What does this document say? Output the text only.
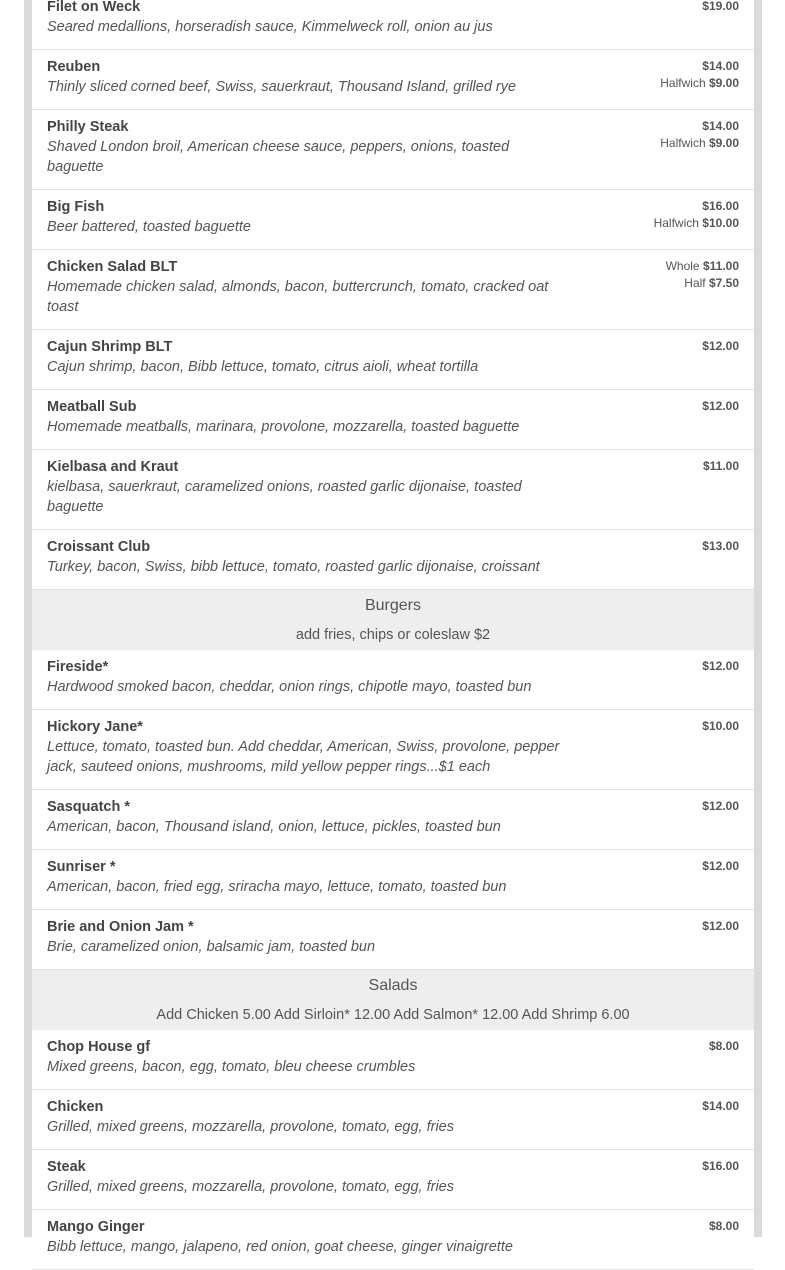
Filet on Weck
Seared medallions, horseradish sauce, Kimmelweck roll, onion au jus
$19.00
Reuben
Thinly sliced corned beef, Swiss, sauerkraut, Thousand Island, grilled rye
$14.00
Halfwich $9.00
Philly Steak
Shaved London broil, American cheese sauce, peppers, onions, toasted baguette
$14.00
Halfwich $9.00
Big Fish
Beer battered, toasted baguette
$16.00
Halfwich $10.00
Chicken Salad BLT
Homemade chicken salad, almonds, bacon, buttercrunch, tomato, cracked oat toast
Whole $11.00
Half $7.50
Cajun Shrimp BLT
Cajun shrimp, bacon, Bibb lettuce, tomato, citrus aioli, wheat tortilla
$12.00
Meatball Sub
Homemade meatballs, marinara, provolone, mozzarella, toasted baguette
$12.00
Kielbasa and Kraut
kielbasa, sauerkraut, caramelized onions, roasted garlic dijonaise, toasted baguette
$11.00
Croissant Club
Turkey, bacon, Swiss, bibb lettuce, tomato, roasted garlic dijonaise, croissant
$13.00
Burgers
add fries, chips or coleslaw $2
Fireside*
Hardwood smoked bacon, cheddar, onion rings, chipotle mayo, toasted bun
$12.00
Hickory Jane*
Lettuce, tomato, toasted bun. Add cheddar, American, Swiss, provolone, pepper jack, sauteed onions, mushrooms, mild yellow pepper rings...$1 each
$10.00
Sasquatch *
American, bacon, Thousand island, onion, lettuce, pickles, toasted bun
$12.00
Sunriser *
American, bacon, fried egg, sriracha mayo, lettuce, tomato, toasted bun
$12.00
Brie and Onion Jam *
Brie, caramelized onion, balsamic jam, toasted bun
$12.00
Salads
Add Chicken 5.00 Add Sirloin* 12.00 Add Salmon* 12.00 Add Shrimp 6.00
Chop House gf
Mixed greens, bacon, egg, tomato, bleu cheese crumbles
$8.00
Chicken
Grilled, mixed greens, mozzarella, provolone, tomato, egg, fries
$14.00
Steak
Grilled, mixed greens, mozzarella, provolone, tomato, egg, fries
$16.00
Mango Ginger
Bibb lettuce, mango, jalapeno, red onion, goat cheese, ginger vinaigrette
$8.00
